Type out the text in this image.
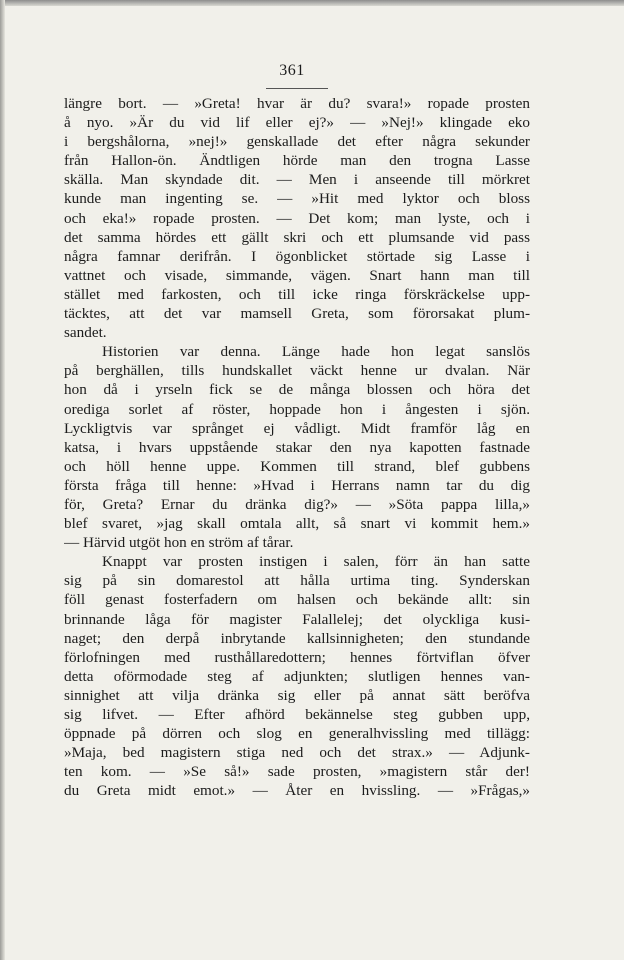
361
längre bort. — »Greta! hvar är du? svara!» ropade prosten
å nyo. »Är du vid lif eller ej?» — »Nej!» klingade eko
i bergshålorna, »nej!» genskallade det efter några sekunder
från Hallon-ön. Ändtligen hörde man den trogna Lasse
skälla. Man skyndade dit. — Men i anseende till mörkret
kunde man ingenting se. — »Hit med lyktor och bloss
och eka!» ropade prosten. — Det kom; man lyste, och i
det samma hördes ett gällt skri och ett plumsande vid pass
några famnar derifrån. I ögonblicket störtade sig Lasse i
vattnet och visade, simmande, vägen. Snart hann man till
stället med farkosten, och till icke ringa förskräckelse upp-
täcktes, att det var mamsell Greta, som förorsakat plum-
sandet.
Historien var denna. Länge hade hon legat sanslös
på berghällen, tills hundskallet väckt henne ur dvalan. När
hon då i yrseln fick se de många blossen och höra det
orediga sorlet af röster, hoppade hon i ångesten i sjön.
Lyckligtvis var språnget ej vådligt. Midt framför låg en
katsa, i hvars uppstående stakar den nya kapotten fastnade
och höll henne uppe. Kommen till strand, blef gubbens
första fråga till henne: »Hvad i Herrans namn tar du dig
för, Greta? Ernar du dränka dig?» — »Söta pappa lilla,»
blef svaret, »jag skall omtala allt, så snart vi kommit hem.»
— Härvid utgöt hon en ström af tårar.
Knappt var prosten instigen i salen, förr än han satte
sig på sin domarestol att hålla urtima ting. Synderskan
föll genast fosterfadern om halsen och bekände allt: sin
brinnande låga för magister Falallelej; det olyckliga kusi-
naget; den derpå inbrytande kallsinnigheten; den stundande
förlofningen med rusthållaredottern; hennes förtviflan öfver
detta oförmodade steg af adjunkten; slutligen hennes van-
sinnighet att vilja dränka sig eller på annat sätt beröfva
sig lifvet. — Efter afhörd bekännelse steg gubben upp,
öppnade på dörren och slog en generalhvissling med tillägg:
»Maja, bed magistern stiga ned och det strax.» — Adjunk-
ten kom. — »Se så!» sade prosten, »magistern står der!
du Greta midt emot.» — Åter en hvissling. — »Frågas,»
